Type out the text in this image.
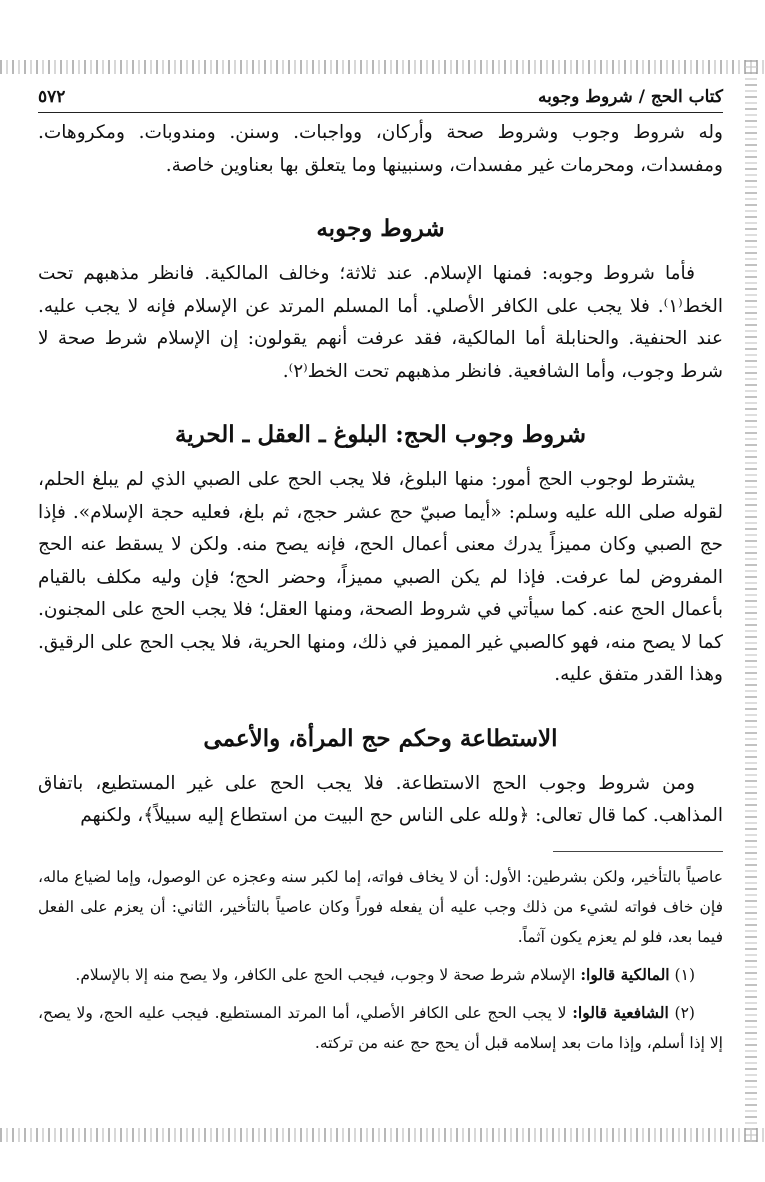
كتاب الحج / شروط وجوبه
٥٧٢

وله شروط وجوب وشروط صحة وأركان، وواجبات. وسنن. ومندوبات. ومكروهات. ومفسدات، ومحرمات غير مفسدات، وسنبينها وما يتعلق بها بعناوين خاصة.

شروط وجوبه

فأما شروط وجوبه: فمنها الإسلام. عند ثلاثة؛ وخالف المالكية. فانظر مذهبهم تحت الخط⁽١⁾. فلا يجب على الكافر الأصلي. أما المسلم المرتد عن الإسلام فإنه لا يجب عليه. عند الحنفية. والحنابلة أما المالكية، فقد عرفت أنهم يقولون: إن الإسلام شرط صحة لا شرط وجوب، وأما الشافعية. فانظر مذهبهم تحت الخط⁽٢⁾.

شروط وجوب الحج: البلوغ ـ العقل ـ الحرية

يشترط لوجوب الحج أمور: منها البلوغ، فلا يجب الحج على الصبي الذي لم يبلغ الحلم، لقوله صلى الله عليه وسلم: «أيما صبيّ حج عشر حجج، ثم بلغ، فعليه حجة الإسلام». فإذا حج الصبي وكان مميزاً يدرك معنى أعمال الحج، فإنه يصح منه. ولكن لا يسقط عنه الحج المفروض لما عرفت. فإذا لم يكن الصبي مميزاً، وحضر الحج؛ فإن وليه مكلف بالقيام بأعمال الحج عنه. كما سيأتي في شروط الصحة، ومنها العقل؛ فلا يجب الحج على المجنون. كما لا يصح منه، فهو كالصبي غير المميز في ذلك، ومنها الحرية، فلا يجب الحج على الرقيق. وهذا القدر متفق عليه.

الاستطاعة وحكم حج المرأة، والأعمى

ومن شروط وجوب الحج الاستطاعة. فلا يجب الحج على غير المستطيع، باتفاق المذاهب. كما قال تعالى: ﴿ولله على الناس حج البيت من استطاع إليه سبيلاً﴾، ولكنهم

عاصياً بالتأخير، ولكن بشرطين: الأول: أن لا يخاف فواته، إما لكبر سنه وعجزه عن الوصول، وإما لضياع ماله، فإن خاف فواته لشيء من ذلك وجب عليه أن يفعله فوراً وكان عاصياً بالتأخير، الثاني: أن يعزم على الفعل فيما بعد، فلو لم يعزم يكون آثماً.

(١) المالكية قالوا: الإسلام شرط صحة لا وجوب، فيجب الحج على الكافر، ولا يصح منه إلا بالإسلام.

(٢) الشافعية قالوا: لا يجب الحج على الكافر الأصلي، أما المرتد المستطيع. فيجب عليه الحج، ولا يصح، إلا إذا أسلم، وإذا مات بعد إسلامه قبل أن يحج حج عنه من تركته.
